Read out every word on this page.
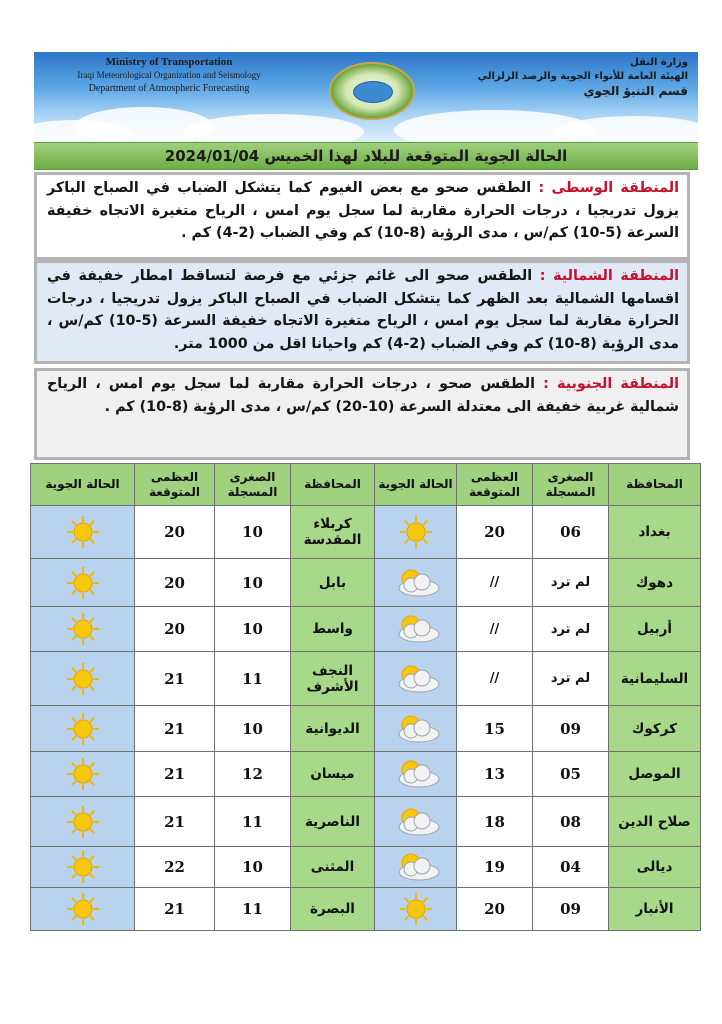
Ministry of Transportation
Iraqi Meteorological Organization and Seismology
Department of Atmospheric Forecasting
وزارة النقل
الهيئة العامة للأنواء الجوية والرصد الزلزالي
قسم التنبؤ الجوي
الحالة الجوية المتوقعة للبلاد لهذا الخميس 2024/01/04
المنطقة الوسطى : الطقس صحو مع بعض الغيوم كما يتشكل الضباب في الصباح الباكر يزول تدريجيا ، درجات الحرارة مقاربة لما سجل يوم امس ، الرياح متغيرة الاتجاه خفيفة السرعة (5-10) كم/س ، مدى الرؤية (8-10) كم وفي الضباب (2-4) كم .
المنطقة الشمالية : الطقس صحو الى غائم جزئي مع فرصة لتساقط امطار خفيفة في اقسامها الشمالية بعد الظهر كما يتشكل الضباب في الصباح الباكر يزول تدريجيا ، درجات الحرارة مقاربة لما سجل يوم امس ، الرياح متغيرة الاتجاه خفيفة السرعة (5-10) كم/س ، مدى الرؤية (8-10) كم وفي الضباب (2-4) كم واحيانا اقل من 1000 متر.
المنطقة الجنوبية : الطقس صحو ، درجات الحرارة مقاربة لما سجل يوم امس ، الرياح شمالية غربية خفيفة الى معتدلة السرعة (10-20) كم/س ، مدى الرؤية (8-10) كم .
المحافظة	الصغرى المسجلة	العظمى المتوقعة	الحالة الجوية	المحافظة	الصغرى المسجلة	العظمى المتوقعة	الحالة الجوية
بغداد	06	20		كربلاء المقدسة	10	20	
دهوك	لم ترد	//		بابل	10	20	
أربيل	لم ترد	//		واسط	10	20	
السليمانية	لم ترد	//		النجف الأشرف	11	21	
كركوك	09	15		الديوانية	10	21	
الموصل	05	13		ميسان	12	21	
صلاح الدين	08	18		الناصرية	11	21	
ديالى	04	19		المثنى	10	22	
الأنبار	09	20		البصرة	11	21	
